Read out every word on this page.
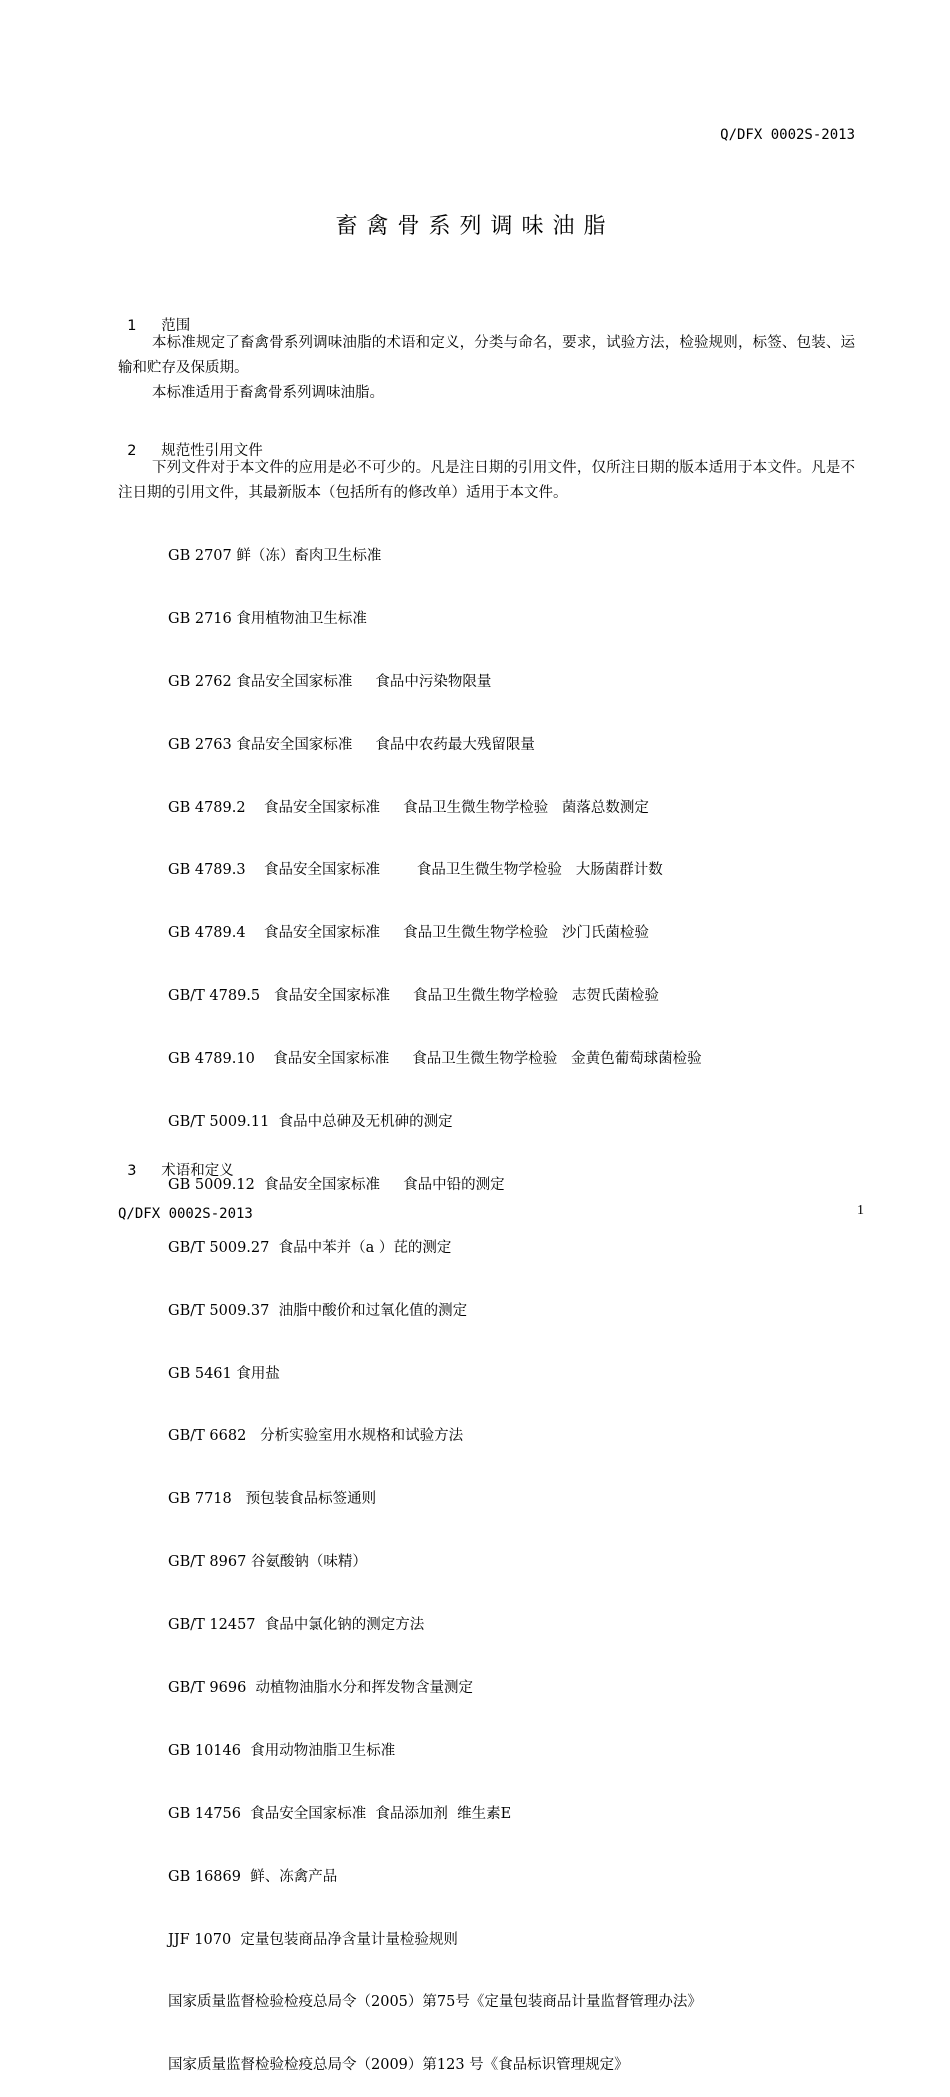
Q/DFX 0002S-2013
畜禽骨系列调味油脂

1 范围

本标准规定了畜禽骨系列调味油脂的术语和定义，分类与命名，要求，试验方法，检验规则，标签、包装、运输和贮存及保质期。
本标准适用于畜禽骨系列调味油脂。

2 规范性引用文件

下列文件对于本文件的应用是必不可少的。凡是注日期的引用文件，仅所注日期的版本适用于本文件。凡是不注日期的引用文件，其最新版本（包括所有的修改单）适用于本文件。

GB 2707 鲜（冻）畜肉卫生标准

GB 2716 食用植物油卫生标准

GB 2762 食品安全国家标准     食品中污染物限量

GB 2763 食品安全国家标准     食品中农药最大残留限量

GB 4789.2    食品安全国家标准     食品卫生微生物学检验   菌落总数测定

GB 4789.3    食品安全国家标准        食品卫生微生物学检验   大肠菌群计数

GB 4789.4    食品安全国家标准     食品卫生微生物学检验   沙门氏菌检验

GB/T 4789.5   食品安全国家标准     食品卫生微生物学检验   志贺氏菌检验

GB 4789.10    食品安全国家标准     食品卫生微生物学检验   金黄色葡萄球菌检验

GB/T 5009.11  食品中总砷及无机砷的测定

GB 5009.12  食品安全国家标准     食品中铅的测定

GB/T 5009.27  食品中苯并（a ）芘的测定

GB/T 5009.37  油脂中酸价和过氧化值的测定

GB 5461 食用盐

GB/T 6682   分析实验室用水规格和试验方法

GB 7718   预包装食品标签通则

GB/T 8967 谷氨酸钠（味精）

GB/T 12457  食品中氯化钠的测定方法

GB/T 9696  动植物油脂水分和挥发物含量测定

GB 10146  食用动物油脂卫生标准

GB 14756  食品安全国家标准  食品添加剂  维生素E

GB 16869  鲜、冻禽产品

JJF 1070  定量包装商品净含量计量检验规则

国家质量监督检验检疫总局令（2005）第75号《定量包装商品计量监督管理办法》

国家质量监督检验检疫总局令（2009）第123 号《食品标识管理规定》

3 术语和定义

Q/DFX 0002S-2013	1
